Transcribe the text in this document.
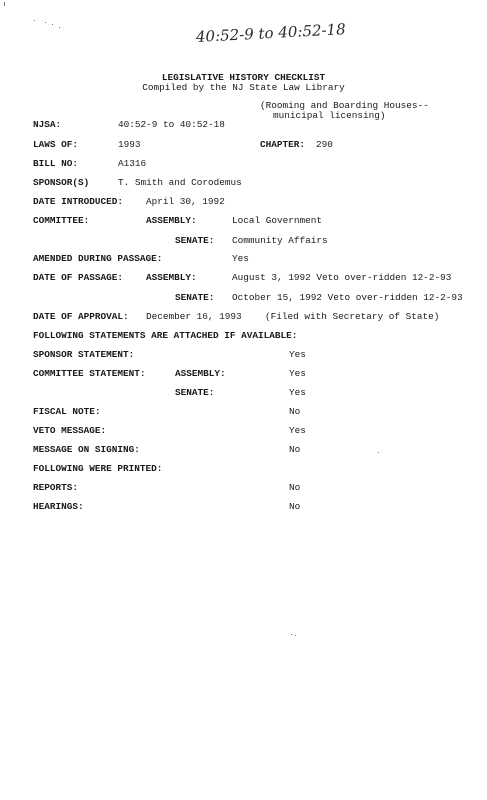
40:52-9 to 40:52-18
LEGISLATIVE HISTORY CHECKLIST
Compiled by the NJ State Law Library
(Rooming and Boarding Houses--
municipal licensing)
NJSA:	40:52-9 to 40:52-18
LAWS OF:	1993	CHAPTER: 290
BILL NO:	A1316
SPONSOR(S)	T. Smith and Corodemus
DATE INTRODUCED: April 30, 1992
COMMITTEE:	ASSEMBLY:	Local Government
SENATE: Community Affairs
AMENDED DURING PASSAGE:	Yes
DATE OF PASSAGE: ASSEMBLY:	August 3, 1992 Veto over-ridden 12-2-93
SENATE: October 15, 1992 Veto over-ridden 12-2-93
DATE OF APPROVAL: December 16, 1993 (Filed with Secretary of State)
FOLLOWING STATEMENTS ARE ATTACHED IF AVAILABLE:
SPONSOR STATEMENT:	Yes
COMMITTEE STATEMENT:	ASSEMBLY:	Yes
SENATE:	Yes
FISCAL NOTE:	No
VETO MESSAGE:	Yes
MESSAGE ON SIGNING:	No
FOLLOWING WERE PRINTED:
REPORTS:	No
HEARINGS:	No
